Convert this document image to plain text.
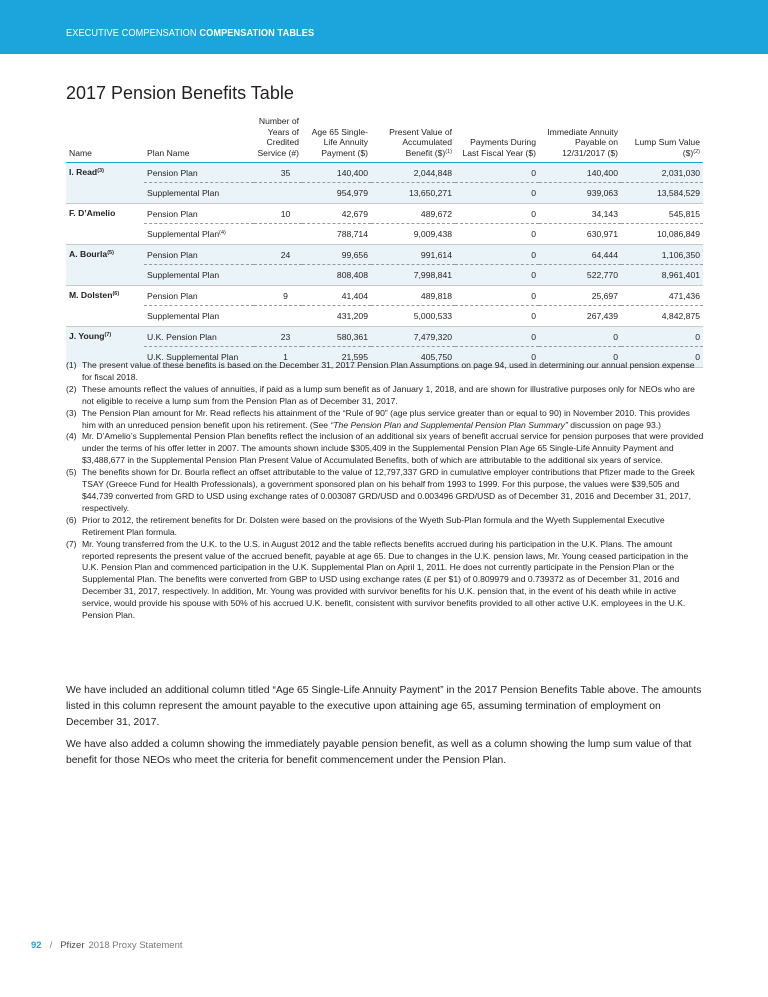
EXECUTIVE COMPENSATION COMPENSATION TABLES
2017 Pension Benefits Table
Name	Plan Name	Number of Years of Credited Service (#)	Age 65 Single-Life Annuity Payment ($)	Present Value of Accumulated Benefit ($)$^{(1)}$	Payments During Last Fiscal Year ($)	Immediate Annuity Payable on 12/31/2017 ($)	Lump Sum Value ($)$^{(2)}$
I. Read$^{(3)}$	Pension Plan	35	140,400	2,044,848	0	140,400	2,031,030
	Supplemental Plan		954,979	13,650,271	0	939,063	13,584,529
F. D’Amelio	Pension Plan	10	42,679	489,672	0	34,143	545,815
	Supplemental Plan$^{(4)}$		788,714	9,009,438	0	630,971	10,086,849
A. Bourla$^{(5)}$	Pension Plan	24	99,656	991,614	0	64,444	1,106,350
	Supplemental Plan		808,408	7,998,841	0	522,770	8,961,401
M. Dolsten$^{(6)}$	Pension Plan	9	41,404	489,818	0	25,697	471,436
	Supplemental Plan		431,209	5,000,533	0	267,439	4,842,875
J. Young$^{(7)}$	U.K. Pension Plan	23	580,361	7,479,320	0	0	0
	U.K. Supplemental Plan	1	21,595	405,750	0	0	0
(1) The present value of these benefits is based on the December 31, 2017 Pension Plan Assumptions on page 94, used in determining our annual pension expense for fiscal 2018.
(2) These amounts reflect the values of annuities, if paid as a lump sum benefit as of January 1, 2018, and are shown for illustrative purposes only for NEOs who are not eligible to receive a lump sum from the Pension Plan as of December 31, 2017.
(3) The Pension Plan amount for Mr. Read reflects his attainment of the “Rule of 90” (age plus service greater than or equal to 90) in November 2010. This provides him with an unreduced pension benefit upon his retirement. (See “The Pension Plan and Supplemental Pension Plan Summary” discussion on page 93.)
(4) Mr. D’Amelio’s Supplemental Pension Plan benefits reflect the inclusion of an additional six years of benefit accrual service for pension purposes that were provided under the terms of his offer letter in 2007. The amounts shown include $305,409 in the Supplemental Pension Plan Age 65 Single-Life Annuity Payment and $3,488,677 in the Supplemental Pension Plan Present Value of Accumulated Benefits, both of which are attributable to the additional six years of service.
(5) The benefits shown for Dr. Bourla reflect an offset attributable to the value of 12,797,337 GRD in cumulative employer contributions that Pfizer made to the Greek TSAY (Greece Fund for Health Professionals), a government sponsored plan on his behalf from 1993 to 1999. For this purpose, the values were $39,505 and $44,739 converted from GRD to USD using exchange rates of 0.003087 GRD/USD and 0.003496 GRD/USD as of December 31, 2016 and December 31, 2017, respectively.
(6) Prior to 2012, the retirement benefits for Dr. Dolsten were based on the provisions of the Wyeth Sub-Plan formula and the Wyeth Supplemental Executive Retirement Plan formula.
(7) Mr. Young transferred from the U.K. to the U.S. in August 2012 and the table reflects benefits accrued during his participation in the U.K. Plans. The amount reported represents the present value of the accrued benefit, payable at age 65. Due to changes in the U.K. pension laws, Mr. Young ceased participation in the U.K. Pension Plan and commenced participation in the U.K. Supplemental Plan on April 1, 2011. He does not currently participate in the Pension Plan or the Supplemental Plan. The benefits were converted from GBP to USD using exchange rates (£ per $1) of 0.809979 and 0.739372 as of December 31, 2016 and December 31, 2017, respectively. In addition, Mr. Young was provided with survivor benefits for his U.K. pension that, in the event of his death while in active service, would provide his spouse with 50% of his accrued U.K. benefit, consistent with survivor benefits provided to all other active U.K. employees in the U.K. Pension Plan.

We have included an additional column titled “Age 65 Single-Life Annuity Payment” in the 2017 Pension Benefits Table above. The amounts listed in this column represent the amount payable to the executive upon attaining age 65, assuming termination of employment on December 31, 2017.

We have also added a column showing the immediately payable pension benefit, as well as a column showing the lump sum value of that benefit for those NEOs who meet the criteria for benefit commencement under the Pension Plan.

92 / Pfizer 2018 Proxy Statement
